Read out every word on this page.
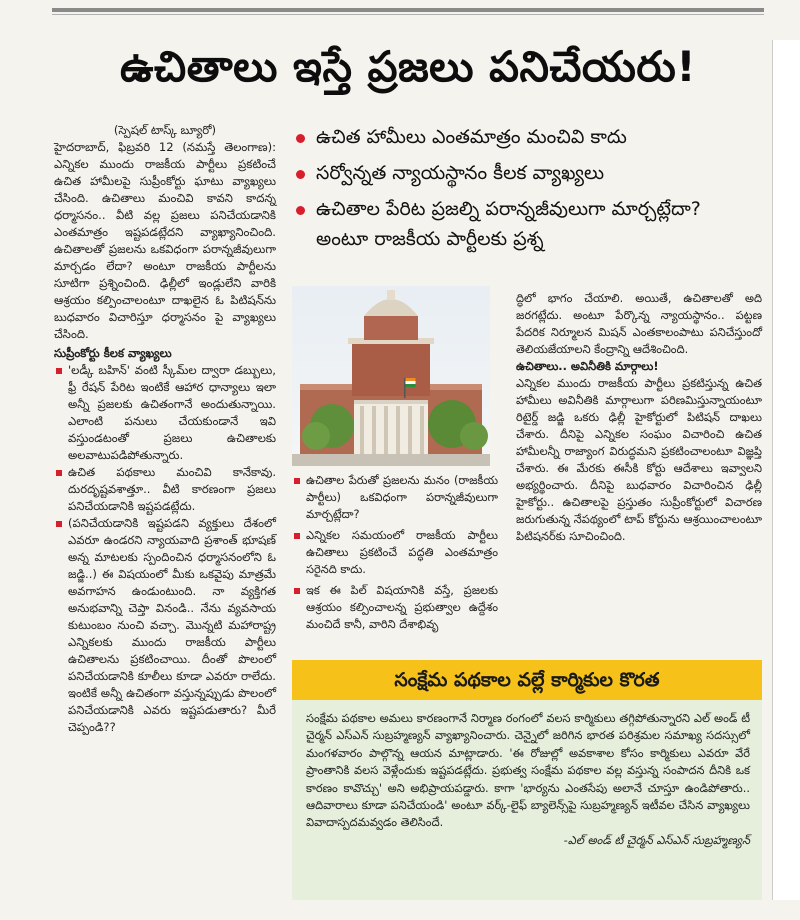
ఉచితాలు ఇస్తే ప్రజలు పనిచేయరు!
(స్పెషల్ టాస్క్ బ్యూరో)
హైదరాబాద్, ఫిబ్రవరి 12 (నమస్తే తెలంగాణ): ఎన్నికల ముందు రాజకీయ పార్టీలు ప్రకటించే ఉచిత హామీలపై సుప్రీంకోర్టు ఘాటు వ్యాఖ్యలు చేసింది. ఉచితాలు మంచివి కావని కాదన్న ధర్మాసనం.. వీటి వల్ల ప్రజలు పనిచేయడానికి ఎంతమాత్రం ఇష్టపడట్లేదని వ్యాఖ్యానించింది. ఉచితాలతో ప్రజలను ఒకవిధంగా పరాన్నజీవులుగా మార్చడం లేదా? అంటూ రాజకీయ పార్టీలను సూటిగా ప్రశ్నించింది. ఢిల్లీలో ఇండ్లులేని వారికి ఆశ్రయం కల్పించాలంటూ దాఖలైన ఓ పిటిషన్‌ను బుధవారం విచారిస్తూ ధర్మాసనం పై వ్యాఖ్యలు చేసింది.
సుప్రీంకోర్టు కీలక వ్యాఖ్యలు
'లడ్కీ బహిన్' వంటి స్కీమ్‌ల ద్వారా డబ్బులు, ఫ్రీ రేషన్ పేరిట ఇంటికే ఆహార ధాన్యాలు ఇలా అన్నీ ప్రజలకు ఉచితంగానే అందుతున్నాయి. ఎలాంటి పనులు చేయకుండానే ఇవి వస్తుండటంతో ప్రజలు ఉచితాలకు అలవాటుపడిపోతున్నారు.
ఉచిత పథకాలు మంచివి కానేకావు. దురదృష్టవశాత్తూ.. వీటి కారణంగా ప్రజలు పనిచేయడానికి ఇష్టపడట్లేదు.
(పనిచేయడానికి ఇష్టపడని వ్యక్తులు దేశంలో ఎవరూ ఉండరని న్యాయవాది ప్రశాంత్ భూషణ్ అన్న మాటలకు స్పందించిన ధర్మాసనంలోని ఓ జడ్జి..) ఈ విషయంలో మీకు ఒకవైపు మాత్రమే అవగాహన ఉండుంటుంది. నా వ్యక్తిగత అనుభవాన్ని చెప్తా వినండి.. నేను వ్యవసాయ కుటుంబం నుంచి వచ్చా. మొన్నటి మహారాష్ట్ర ఎన్నికలకు ముందు రాజకీయ పార్టీలు ఉచితాలను ప్రకటించాయి. దీంతో పొలంలో పనిచేయడానికి కూలీలు కూడా ఎవరూ రాలేదు. ఇంటికే అన్నీ ఉచితంగా వస్తున్నప్పుడు పొలంలో పనిచేయడానికి ఎవరు ఇష్టపడుతారు? మీరే చెప్పండి??
ఉచిత హామీలు ఎంతమాత్రం మంచివి కాదు
సర్వోన్నత న్యాయస్థానం కీలక వ్యాఖ్యలు
ఉచితాల పేరిట ప్రజల్ని పరాన్నజీవులుగా మార్చట్లేదా? అంటూ రాజకీయ పార్టీలకు ప్రశ్న
ఉచితాల పేరుతో ప్రజలను మనం (రాజకీయ పార్టీలు) ఒకవిధంగా పరాన్నజీవులుగా మార్చట్లేదా?
ఎన్నికల సమయంలో రాజకీయ పార్టీలు ఉచితాలు ప్రకటించే పద్ధతి ఎంతమాత్రం సరైనది కాదు.
ఇక ఈ పిల్ విషయానికి వస్తే, ప్రజలకు ఆశ్రయం కల్పించాలన్న ప్రభుత్వాల ఉద్దేశం మంచిదే కానీ, వారిని దేశాభివృ
ద్ధిలో భాగం చేయాలి. అయితే, ఉచితాలతో అది జరగట్లేదు. అంటూ పేర్కొన్న న్యాయస్థానం.. పట్టణ పేదరిక నిర్మూలన మిషన్ ఎంతకాలంపాటు పనిచేస్తుందో తెలియజేయాలని కేంద్రాన్ని ఆదేశించింది.
ఉచితాలు.. అవినీతికి మార్గాలు!
ఎన్నికల ముందు రాజకీయ పార్టీలు ప్రకటిస్తున్న ఉచిత హామీలు అవినీతికి మార్గాలుగా పరిణమిస్తున్నాయంటూ రిటైర్డ్ జడ్జి ఒకరు ఢిల్లీ హైకోర్టులో పిటిషన్ దాఖలు చేశారు. దీనిపై ఎన్నికల సంఘం విచారించి ఉచిత హామీలన్నీ రాజ్యాంగ విరుద్ధమని ప్రకటించాలంటూ విజ్ఞప్తి చేశారు. ఈ మేరకు ఈసీకి కోర్టు ఆదేశాలు ఇవ్వాలని అభ్యర్థించారు. దీనిపై బుధవారం విచారించిన ఢిల్లీ హైకోర్టు.. ఉచితాలపై ప్రస్తుతం సుప్రీంకోర్టులో విచారణ జరుగుతున్న నేపథ్యంలో టాప్ కోర్టును ఆశ్రయించాలంటూ పిటిషనర్‌కు సూచించింది.
సంక్షేమ పథకాల వల్లే కార్మికుల కొరత
సంక్షేమ పథకాల అమలు కారణంగానే నిర్మాణ రంగంలో వలస కార్మికులు తగ్గిపోతున్నారని ఎల్ అండ్ టీ చైర్మన్ ఎస్ఎన్ సుబ్రహ్మణ్యన్ వ్యాఖ్యానించారు. చెన్నైలో జరిగిన భారత పరిశ్రమల సమాఖ్య సదస్సులో మంగళవారం పాల్గొన్న ఆయన మాట్లాడారు. 'ఈ రోజుల్లో అవకాశాల కోసం కార్మికులు ఎవరూ వేరే ప్రాంతానికి వలస వెళ్లేందుకు ఇష్టపడట్లేదు. ప్రభుత్వ సంక్షేమ పథకాల వల్ల వస్తున్న సంపాదన దీనికి ఒక కారణం కావొచ్చు' అని అభిప్రాయపడ్డారు. కాగా 'భార్యను ఎంతసేపు అలానే చూస్తూ ఉండిపోతారు.. ఆదివారాలు కూడా పనిచేయండి' అంటూ వర్క్-లైఫ్ బ్యాలెన్స్‌పై సుబ్రహ్మణ్యన్ ఇటీవల చేసిన వ్యాఖ్యలు వివాదాస్పదమవ్వడం తెలిసిందే.
-ఎల్ అండ్ టీ చైర్మన్ ఎస్ఎన్ సుబ్రహ్మణ్యన్
